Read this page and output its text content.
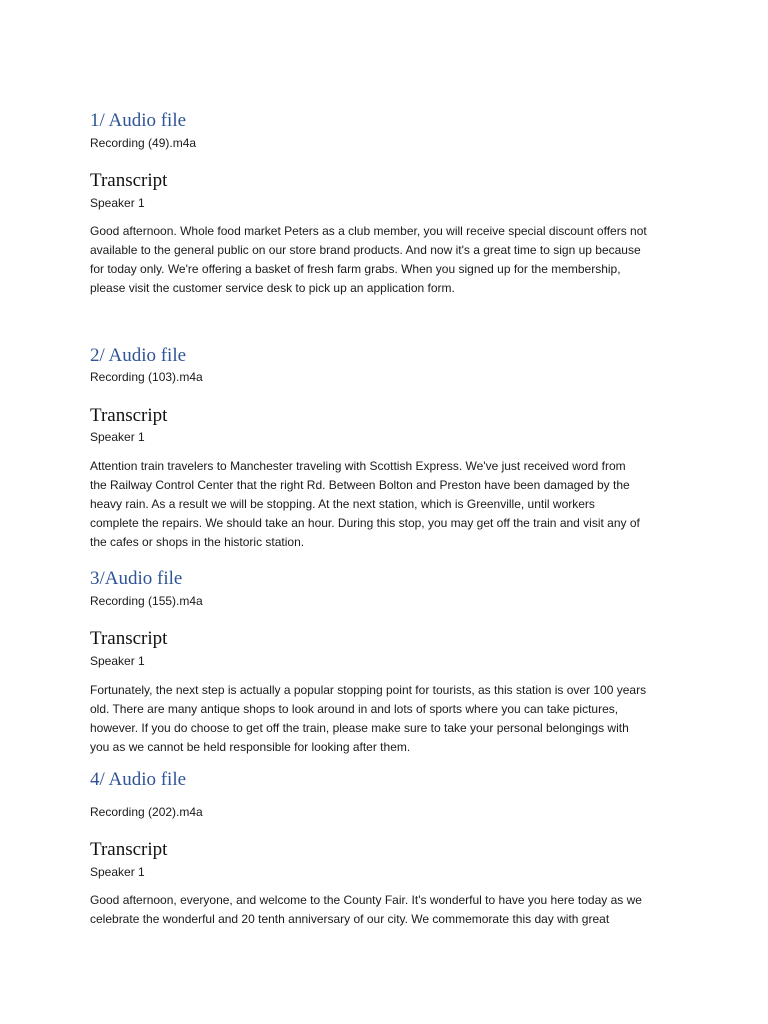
1/ Audio file

Recording (49).m4a

Transcript

Speaker 1

Good afternoon. Whole food market Peters as a club member, you will receive special discount offers not

available to the general public on our store brand products. And now it's a great time to sign up because

for today only. We're offering a basket of fresh farm grabs. When you signed up for the membership,

please visit the customer service desk to pick up an application form.

2/ Audio file

Recording (103).m4a

Transcript

Speaker 1

Attention train travelers to Manchester traveling with Scottish Express. We've just received word from

the Railway Control Center that the right Rd. Between Bolton and Preston have been damaged by the

heavy rain. As a result we will be stopping. At the next station, which is Greenville, until workers

complete the repairs. We should take an hour. During this stop, you may get off the train and visit any of

the cafes or shops in the historic station.

3/Audio file

Recording (155).m4a

Transcript

Speaker 1

Fortunately, the next step is actually a popular stopping point for tourists, as this station is over 100 years

old. There are many antique shops to look around in and lots of sports where you can take pictures,

however. If you do choose to get off the train, please make sure to take your personal belongings with

you as we cannot be held responsible for looking after them.

4/ Audio file

Recording (202).m4a

Transcript

Speaker 1

Good afternoon, everyone, and welcome to the County Fair. It's wonderful to have you here today as we

celebrate the wonderful and 20 tenth anniversary of our city. We commemorate this day with great
